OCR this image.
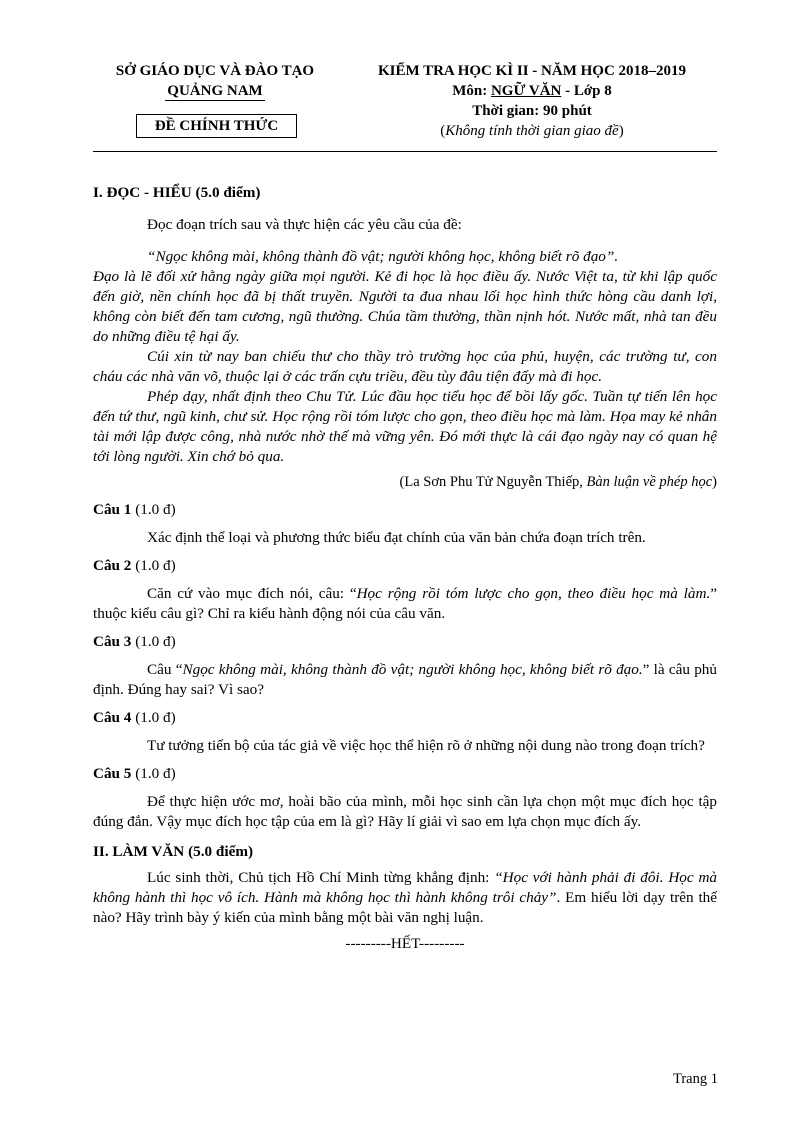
SỞ GIÁO DỤC VÀ ĐÀO TẠO
QUẢNG NAM
ĐỀ CHÍNH THỨC
KIỂM TRA HỌC KÌ II - NĂM HỌC 2018–2019
Môn: NGỮ VĂN - Lớp 8
Thời gian: 90 phút
(Không tính thời gian giao đề)

I. ĐỌC - HIỂU (5.0 điểm)

Đọc đoạn trích sau và thực hiện các yêu cầu của đề:

“Ngọc không mài, không thành đồ vật; người không học, không biết rõ đạo”.

Đạo là lẽ đối xử hằng ngày giữa mọi người. Kẻ đi học là học điều ấy. Nước Việt ta, từ khi lập quốc đến giờ, nền chính học đã bị thất truyền. Người ta đua nhau lối học hình thức hòng cầu danh lợi, không còn biết đến tam cương, ngũ thường. Chúa tầm thường, thần nịnh hót. Nước mất, nhà tan đều do những điều tệ hại ấy.

Cúi xin từ nay ban chiếu thư cho thầy trò trường học của phủ, huyện, các trường tư, con cháu các nhà văn võ, thuộc lại ở các trấn cựu triều, đều tùy đâu tiện đấy mà đi học.

Phép dạy, nhất định theo Chu Tử. Lúc đầu học tiểu học để bồi lấy gốc. Tuần tự tiến lên học đến tứ thư, ngũ kinh, chư sử. Học rộng rồi tóm lược cho gọn, theo điều học mà làm. Họa may kẻ nhân tài mới lập được công, nhà nước nhờ thế mà vững yên. Đó mới thực là cái đạo ngày nay có quan hệ tới lòng người. Xin chớ bỏ qua.

(La Sơn Phu Tử Nguyễn Thiếp, Bàn luận về phép học)

Câu 1 (1.0 đ)

Xác định thể loại và phương thức biểu đạt chính của văn bản chứa đoạn trích trên.

Câu 2 (1.0 đ)

Căn cứ vào mục đích nói, câu: “Học rộng rồi tóm lược cho gọn, theo điều học mà làm.” thuộc kiểu câu gì? Chỉ ra kiểu hành động nói của câu văn.

Câu 3 (1.0 đ)

Câu “Ngọc không mài, không thành đồ vật; người không học, không biết rõ đạo.” là câu phủ định. Đúng hay sai? Vì sao?

Câu 4 (1.0 đ)

Tư tưởng tiến bộ của tác giả về việc học thể hiện rõ ở những nội dung nào trong đoạn trích?

Câu 5 (1.0 đ)

Để thực hiện ước mơ, hoài bão của mình, mỗi học sinh cần lựa chọn một mục đích học tập đúng đắn. Vậy mục đích học tập của em là gì? Hãy lí giải vì sao em lựa chọn mục đích ấy.

II. LÀM VĂN (5.0 điểm)

Lúc sinh thời, Chủ tịch Hồ Chí Minh từng khẳng định: “Học với hành phải đi đôi. Học mà không hành thì học vô ích. Hành mà không học thì hành không trôi chảy”. Em hiểu lời dạy trên thế nào? Hãy trình bày ý kiến của mình bằng một bài văn nghị luận.

---------HẾT---------

Trang 1
